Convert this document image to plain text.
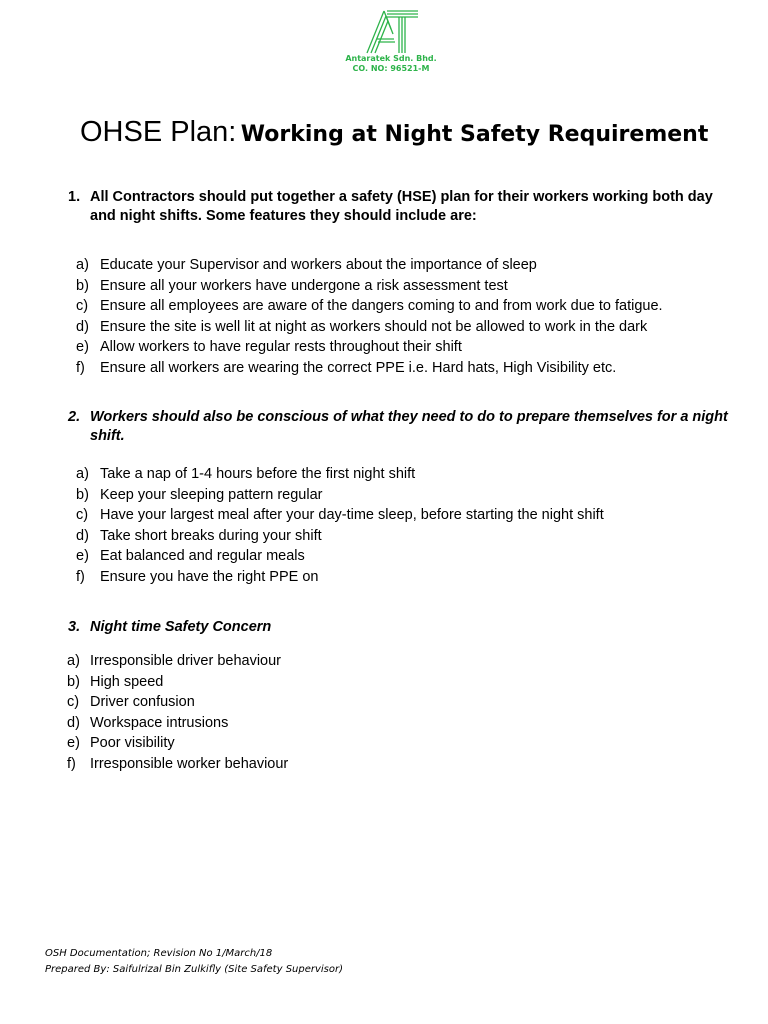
Antaratek Sdn. Bhd.
CO. NO: 96521-M
OHSE Plan: Working at Night Safety Requirement
1. All Contractors should put together a safety (HSE) plan for their workers working both day and night shifts. Some features they should include are:
a) Educate your Supervisor and workers about the importance of sleep
b) Ensure all your workers have undergone a risk assessment test
c) Ensure all employees are aware of the dangers coming to and from work due to fatigue.
d) Ensure the site is well lit at night as workers should not be allowed to work in the dark
e) Allow workers to have regular rests throughout their shift
f) Ensure all workers are wearing the correct PPE i.e. Hard hats, High Visibility etc.
2. Workers should also be conscious of what they need to do to prepare themselves for a night shift.
a) Take a nap of 1-4 hours before the first night shift
b) Keep your sleeping pattern regular
c) Have your largest meal after your day-time sleep, before starting the night shift
d) Take short breaks during your shift
e) Eat balanced and regular meals
f) Ensure you have the right PPE on
3. Night time Safety Concern
a) Irresponsible driver behaviour
b) High speed
c) Driver confusion
d) Workspace intrusions
e) Poor visibility
f) Irresponsible worker behaviour
OSH Documentation; Revision No 1/March/18
Prepared By: Saifulrizal Bin Zulkifly (Site Safety Supervisor)
